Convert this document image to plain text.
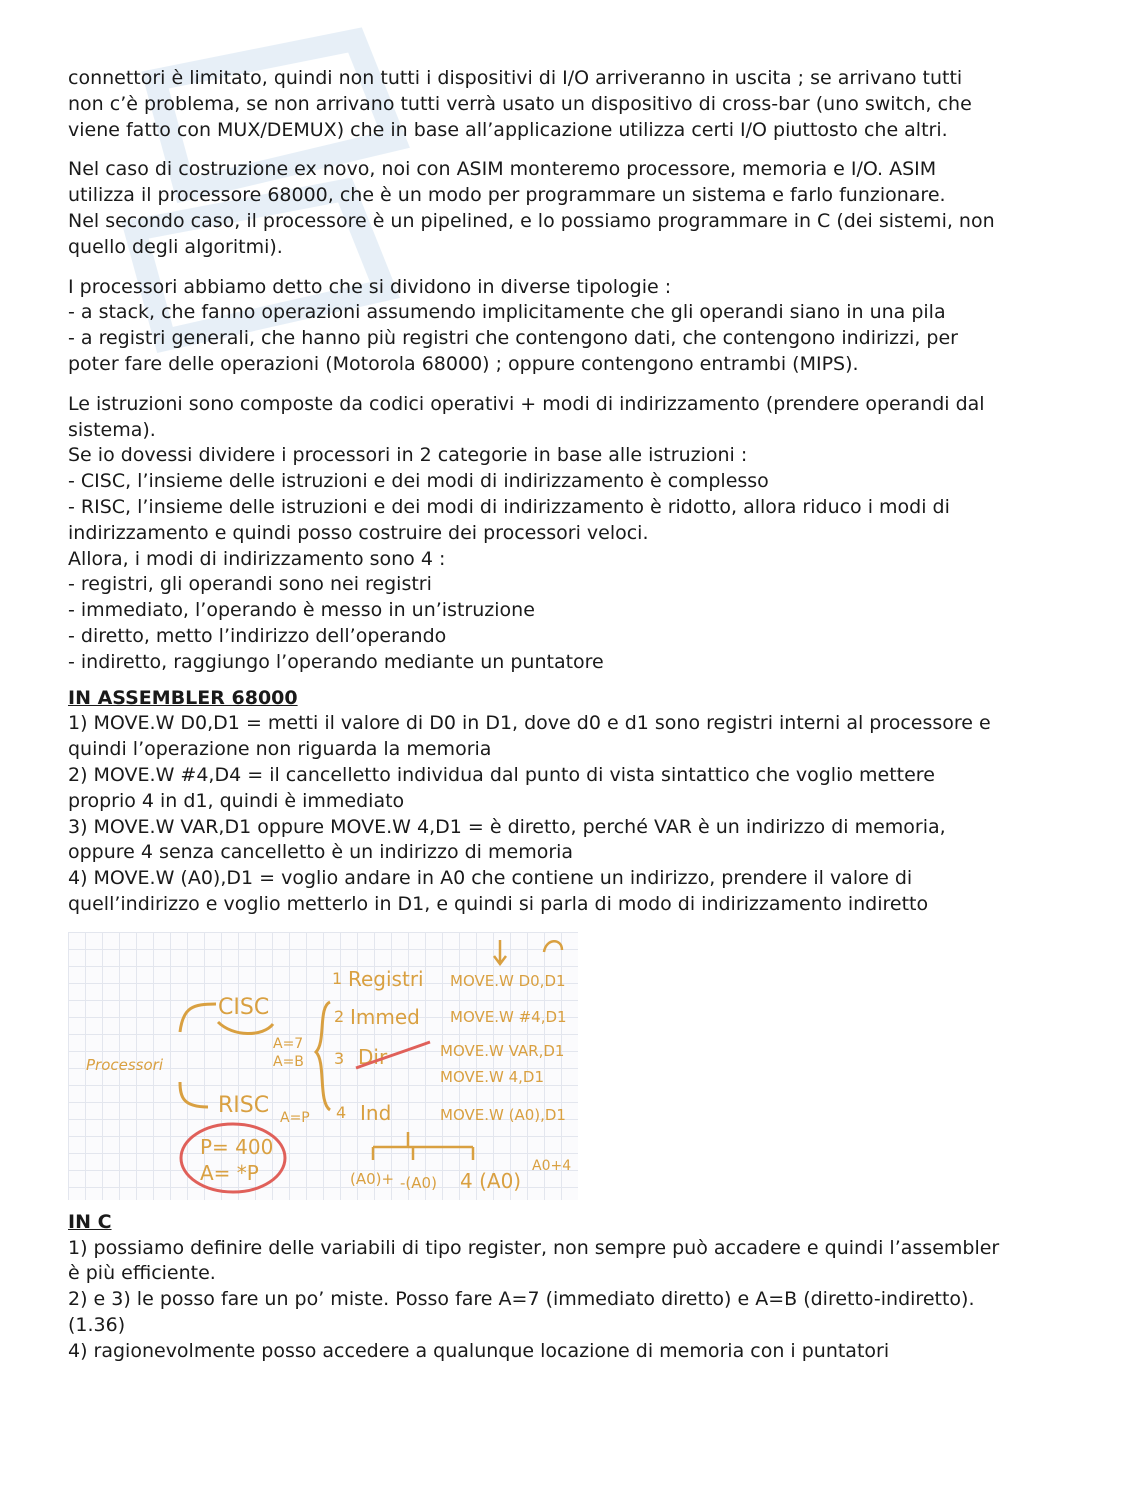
connettori è limitato, quindi non tutti i dispositivi di I/O arriveranno in uscita ; se arrivano tutti
non c’è problema, se non arrivano tutti verrà usato un dispositivo di cross-bar (uno switch, che
viene fatto con MUX/DEMUX) che in base all’applicazione utilizza certi I/O piuttosto che altri.
Nel caso di costruzione ex novo, noi con ASIM monteremo processore, memoria e I/O. ASIM
utilizza il processore 68000, che è un modo per programmare un sistema e farlo funzionare.
Nel secondo caso, il processore è un pipelined, e lo possiamo programmare in C (dei sistemi, non
quello degli algoritmi).
I processori abbiamo detto che si dividono in diverse tipologie :
- a stack, che fanno operazioni assumendo implicitamente che gli operandi siano in una pila
- a registri generali, che hanno più registri che contengono dati, che contengono indirizzi, per
poter fare delle operazioni (Motorola 68000) ; oppure contengono entrambi (MIPS).
Le istruzioni sono composte da codici operativi + modi di indirizzamento (prendere operandi dal
sistema).
Se io dovessi dividere i processori in 2 categorie in base alle istruzioni :
- CISC, l’insieme delle istruzioni e dei modi di indirizzamento è complesso
- RISC, l’insieme delle istruzioni e dei modi di indirizzamento è ridotto, allora riduco i modi di
indirizzamento e quindi posso costruire dei processori veloci.
Allora, i modi di indirizzamento sono 4 :
- registri, gli operandi sono nei registri
- immediato, l’operando è messo in un’istruzione
- diretto, metto l’indirizzo dell’operando
- indiretto, raggiungo l’operando mediante un puntatore
IN ASSEMBLER 68000
1) MOVE.W D0,D1 = metti il valore di D0 in D1, dove d0 e d1 sono registri interni al processore e
quindi l’operazione non riguarda la memoria
2) MOVE.W #4,D4 = il cancelletto individua dal punto di vista sintattico che voglio mettere
proprio 4 in d1, quindi è immediato
3) MOVE.W VAR,D1 oppure MOVE.W 4,D1 = è diretto, perché VAR è un indirizzo di memoria,
oppure 4 senza cancelletto è un indirizzo di memoria
4) MOVE.W (A0),D1 = voglio andare in A0 che contiene un indirizzo, prendere il valore di
quell’indirizzo e voglio metterlo in D1, e quindi si parla di modo di indirizzamento indiretto
Processori
CISC
A=7
A=B
RISC A=P
P= 400
A= *P
1 Registri MOVE.W D0,D1
2 Immed MOVE.W #4,D1
3 Dir	MOVE.W VAR,D1
MOVE.W 4,D1
4 Ind	MOVE.W (A0),D1
(A0)+ -(A0) 4 (A0)
A0+4
IN C
1) possiamo definire delle variabili di tipo register, non sempre può accadere e quindi l’assembler
è più efficiente.
2) e 3) le posso fare un po’ miste. Posso fare A=7 (immediato diretto) e A=B (diretto-indiretto).
(1.36)
4) ragionevolmente posso accedere a qualunque locazione di memoria con i puntatori
